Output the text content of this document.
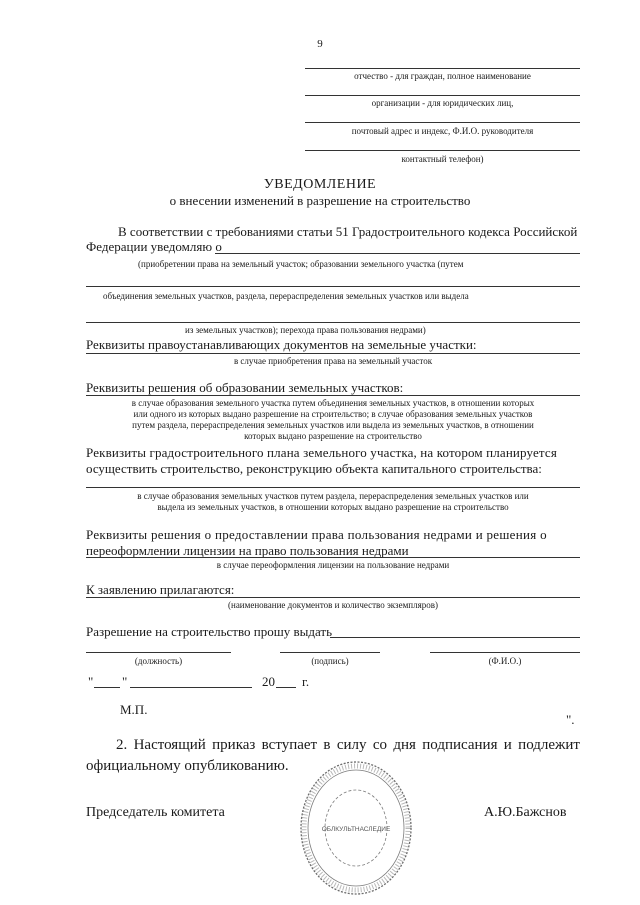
9
отчество - для граждан, полное наименование
организации - для юридических лиц,
почтовый адрес и индекс, Ф.И.О. руководителя
контактный телефон)
УВЕДОМЛЕНИЕ
о внесении изменений в разрешение на строительство
В соответствии с требованиями статьи 51 Градостроительного кодекса Российской
Федерации уведомляю о
(приобретении права на земельный участок; образовании земельного участка (путем
объединения земельных участков, раздела, перераспределения земельных участков или выдела
из земельных участков); перехода права пользования недрами)
Реквизиты правоустанавливающих документов на земельные участки:
в случае приобретения права на земельный участок
Реквизиты решения об образовании земельных участков:
в случае образования земельного участка путем объединения земельных участков, в отношении которых
или одного из которых выдано разрешение на строительство; в случае образования земельных участков
путем раздела, перераспределения земельных участков или выдела из земельных участков, в отношении
которых выдано разрешение на строительство
Реквизиты градостроительного плана земельного участка, на котором планируется
осуществить строительство, реконструкцию объекта капитального строительства:
в случае образования земельных участков путем раздела, перераспределения земельных участков или
выдела из земельных участков, в отношении которых выдано разрешение на строительство
Реквизиты решения о предоставлении права пользования недрами и решения о
переоформлении лицензии на право пользования недрами
в случае переоформления лицензии на пользование недрами
К заявлению прилагаются:
(наименование документов и количество экземпляров)
Разрешение на строительство прошу выдать
(должность)	(подпись)	(Ф.И.О.)
" "	20 г.
М.П.
".
2. Настоящий приказ вступает в силу со дня подписания и подлежит официальному опубликованию.
Председатель комитета	А.Ю.Бажснов
ОБЛКУЛЬТНАСЛЕДИЕ
